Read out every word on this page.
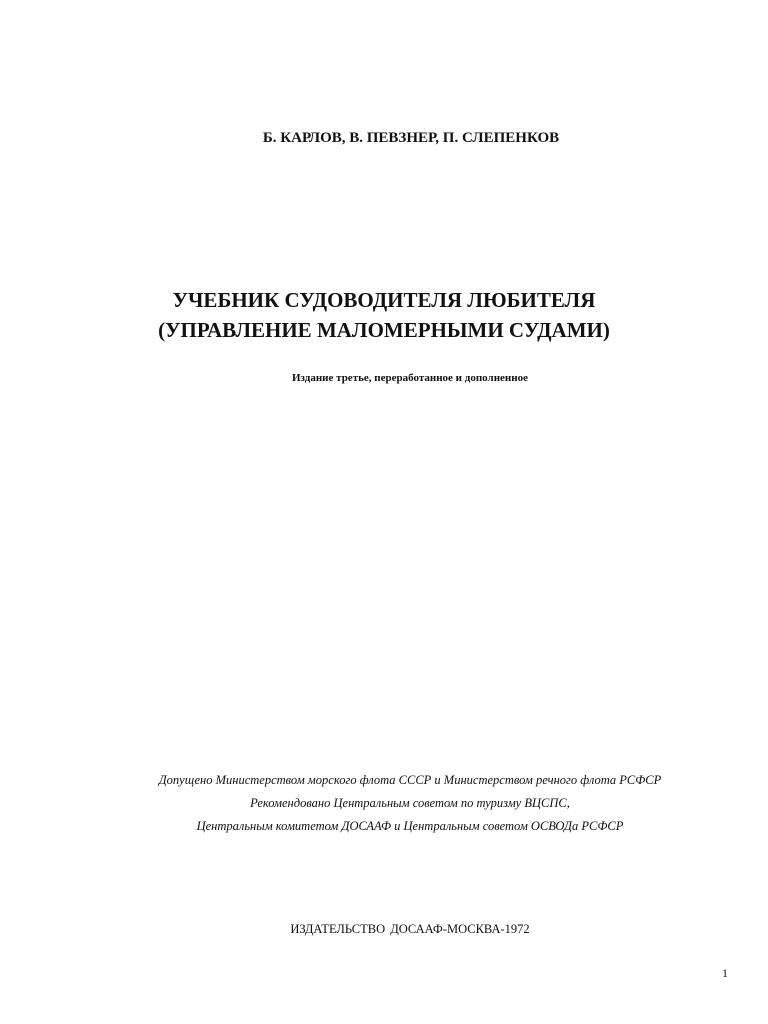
Б. КАРЛОВ, В. ПЕВЗНЕР, П. СЛЕПЕНКОВ
УЧЕБНИК СУДОВОДИТЕЛЯ ЛЮБИТЕЛЯ
(УПРАВЛЕНИЕ МАЛОМЕРНЫМИ СУДАМИ)
Издание третье, переработанное и дополненное
Допущено Министерством морского флота СССР и Министерством речного флота РСФСР
Рекомендовано Центральным советом по туризму ВЦСПС,
Центральным комитетом ДОСААФ и Центральным советом ОСВОДа РСФСР
ИЗДАТЕЛЬСТВО ДОСААФ-МОСКВА-1972
1
